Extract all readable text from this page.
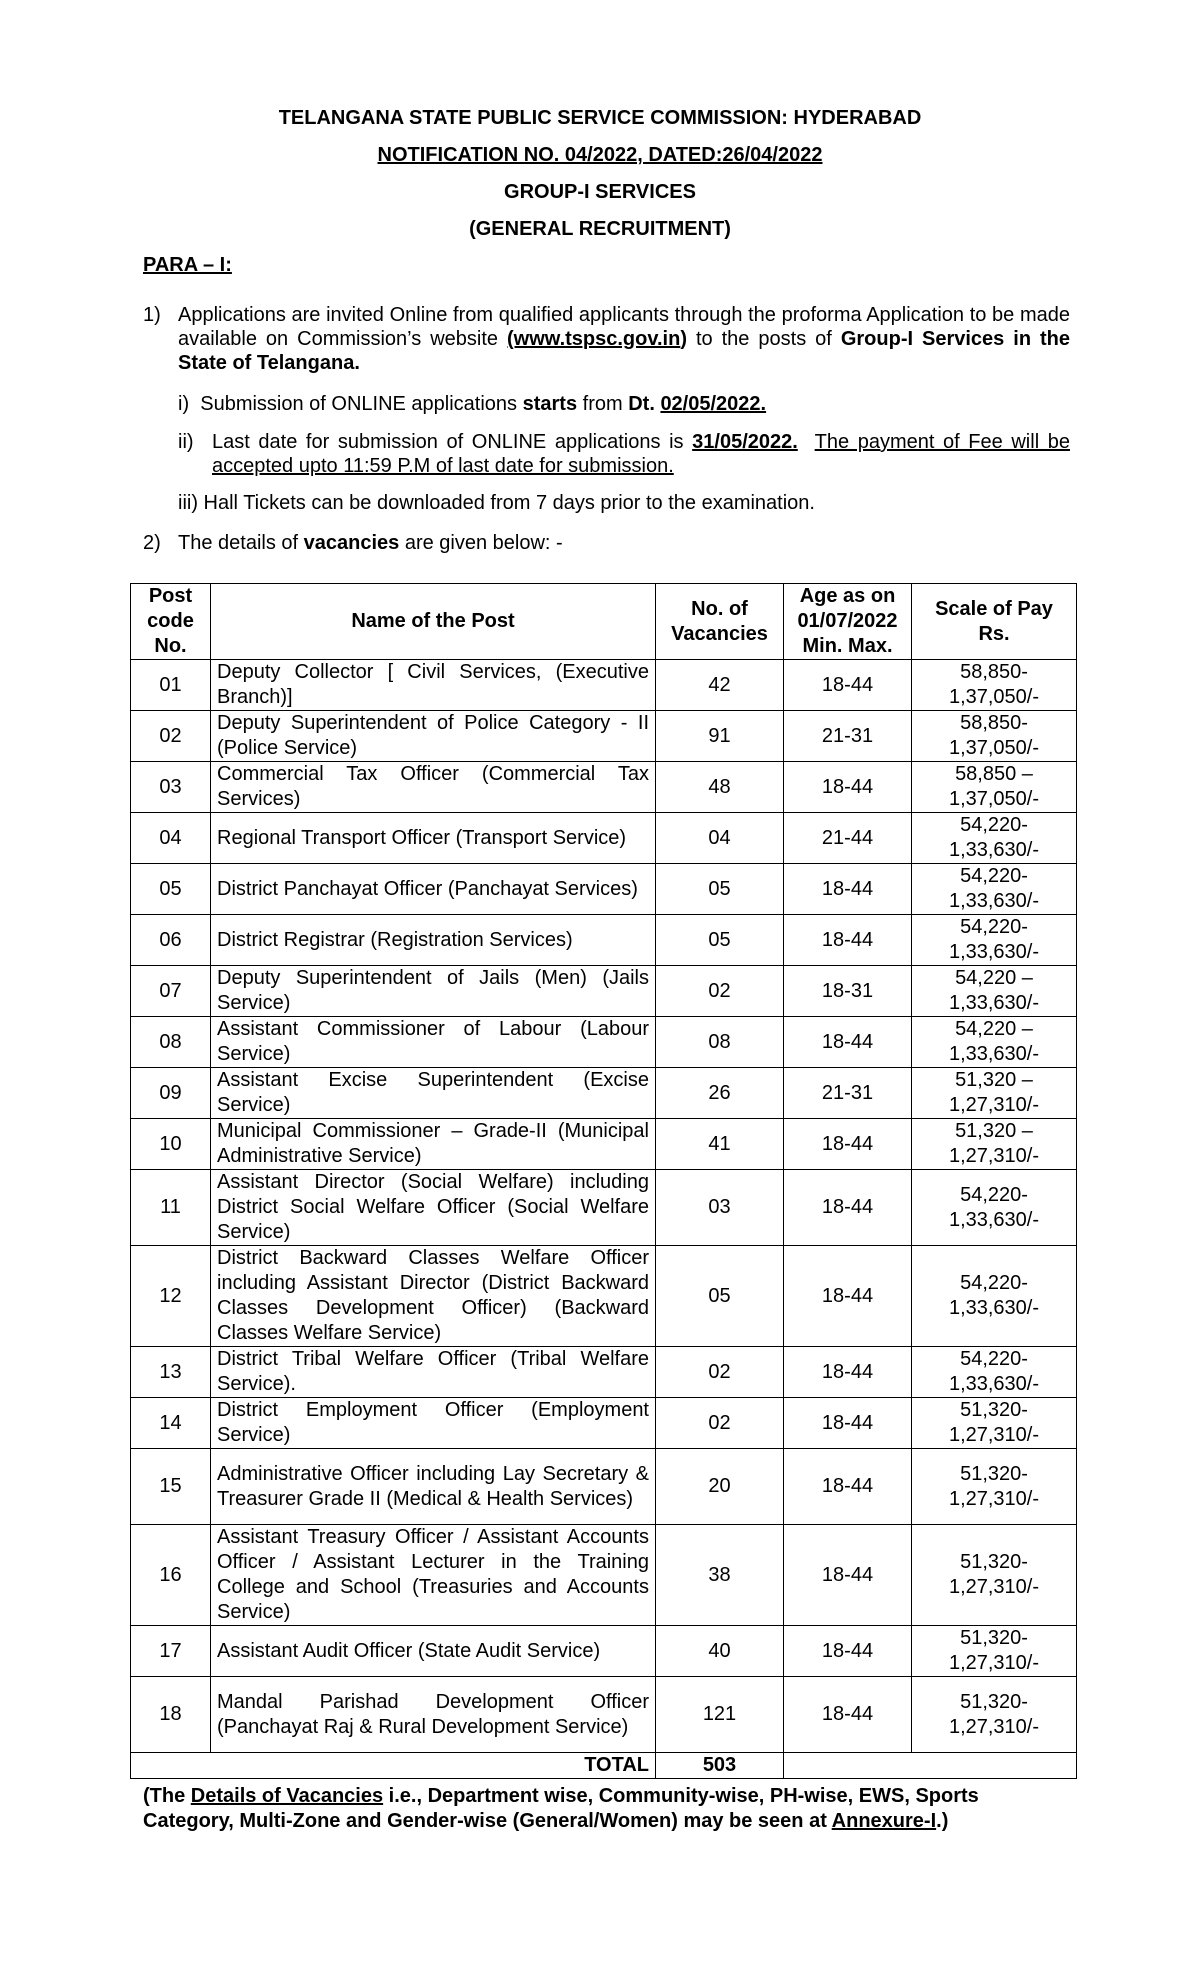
TELANGANA STATE PUBLIC SERVICE COMMISSION: HYDERABAD
NOTIFICATION NO. 04/2022, DATED:26/04/2022
GROUP-I SERVICES
(GENERAL RECRUITMENT)
PARA – I:
1) Applications are invited Online from qualified applicants through the proforma Application to be made available on Commission’s website (www.tspsc.gov.in) to the posts of Group-I Services in the State of Telangana.
i) Submission of ONLINE applications starts from Dt. 02/05/2022.
ii) Last date for submission of ONLINE applications is 31/05/2022. The payment of Fee will be accepted upto 11:59 P.M of last date for submission.
iii) Hall Tickets can be downloaded from 7 days prior to the examination.
2) The details of vacancies are given below: -
Post code No.	Name of the Post	No. of Vacancies	Age as on 01/07/2022 Min. Max.	Scale of Pay Rs.
01	Deputy Collector [ Civil Services, (Executive Branch)]	42	18-44	58,850- 1,37,050/-
02	Deputy Superintendent of Police Category - II (Police Service)	91	21-31	58,850- 1,37,050/-
03	Commercial Tax Officer (Commercial Tax Services)	48	18-44	58,850 – 1,37,050/-
04	Regional Transport Officer (Transport Service)	04	21-44	54,220- 1,33,630/-
05	District Panchayat Officer (Panchayat Services)	05	18-44	54,220- 1,33,630/-
06	District Registrar (Registration Services)	05	18-44	54,220- 1,33,630/-
07	Deputy Superintendent of Jails (Men) (Jails Service)	02	18-31	54,220 – 1,33,630/-
08	Assistant Commissioner of Labour (Labour Service)	08	18-44	54,220 – 1,33,630/-
09	Assistant Excise Superintendent (Excise Service)	26	21-31	51,320 – 1,27,310/-
10	Municipal Commissioner – Grade-II (Municipal Administrative Service)	41	18-44	51,320 – 1,27,310/-
11	Assistant Director (Social Welfare) including District Social Welfare Officer (Social Welfare Service)	03	18-44	54,220- 1,33,630/-
12	District Backward Classes Welfare Officer including Assistant Director (District Backward Classes Development Officer) (Backward Classes Welfare Service)	05	18-44	54,220- 1,33,630/-
13	District Tribal Welfare Officer (Tribal Welfare Service).	02	18-44	54,220- 1,33,630/-
14	District Employment Officer (Employment Service)	02	18-44	51,320- 1,27,310/-
15	Administrative Officer including Lay Secretary & Treasurer Grade II (Medical & Health Services)	20	18-44	51,320- 1,27,310/-
16	Assistant Treasury Officer / Assistant Accounts Officer / Assistant Lecturer in the Training College and School (Treasuries and Accounts Service)	38	18-44	51,320- 1,27,310/-
17	Assistant Audit Officer (State Audit Service)	40	18-44	51,320- 1,27,310/-
18	Mandal Parishad Development Officer (Panchayat Raj & Rural Development Service)	121	18-44	51,320- 1,27,310/-
TOTAL		503		
(The Details of Vacancies i.e., Department wise, Community-wise, PH-wise, EWS, Sports Category, Multi-Zone and Gender-wise (General/Women) may be seen at Annexure-I.)
